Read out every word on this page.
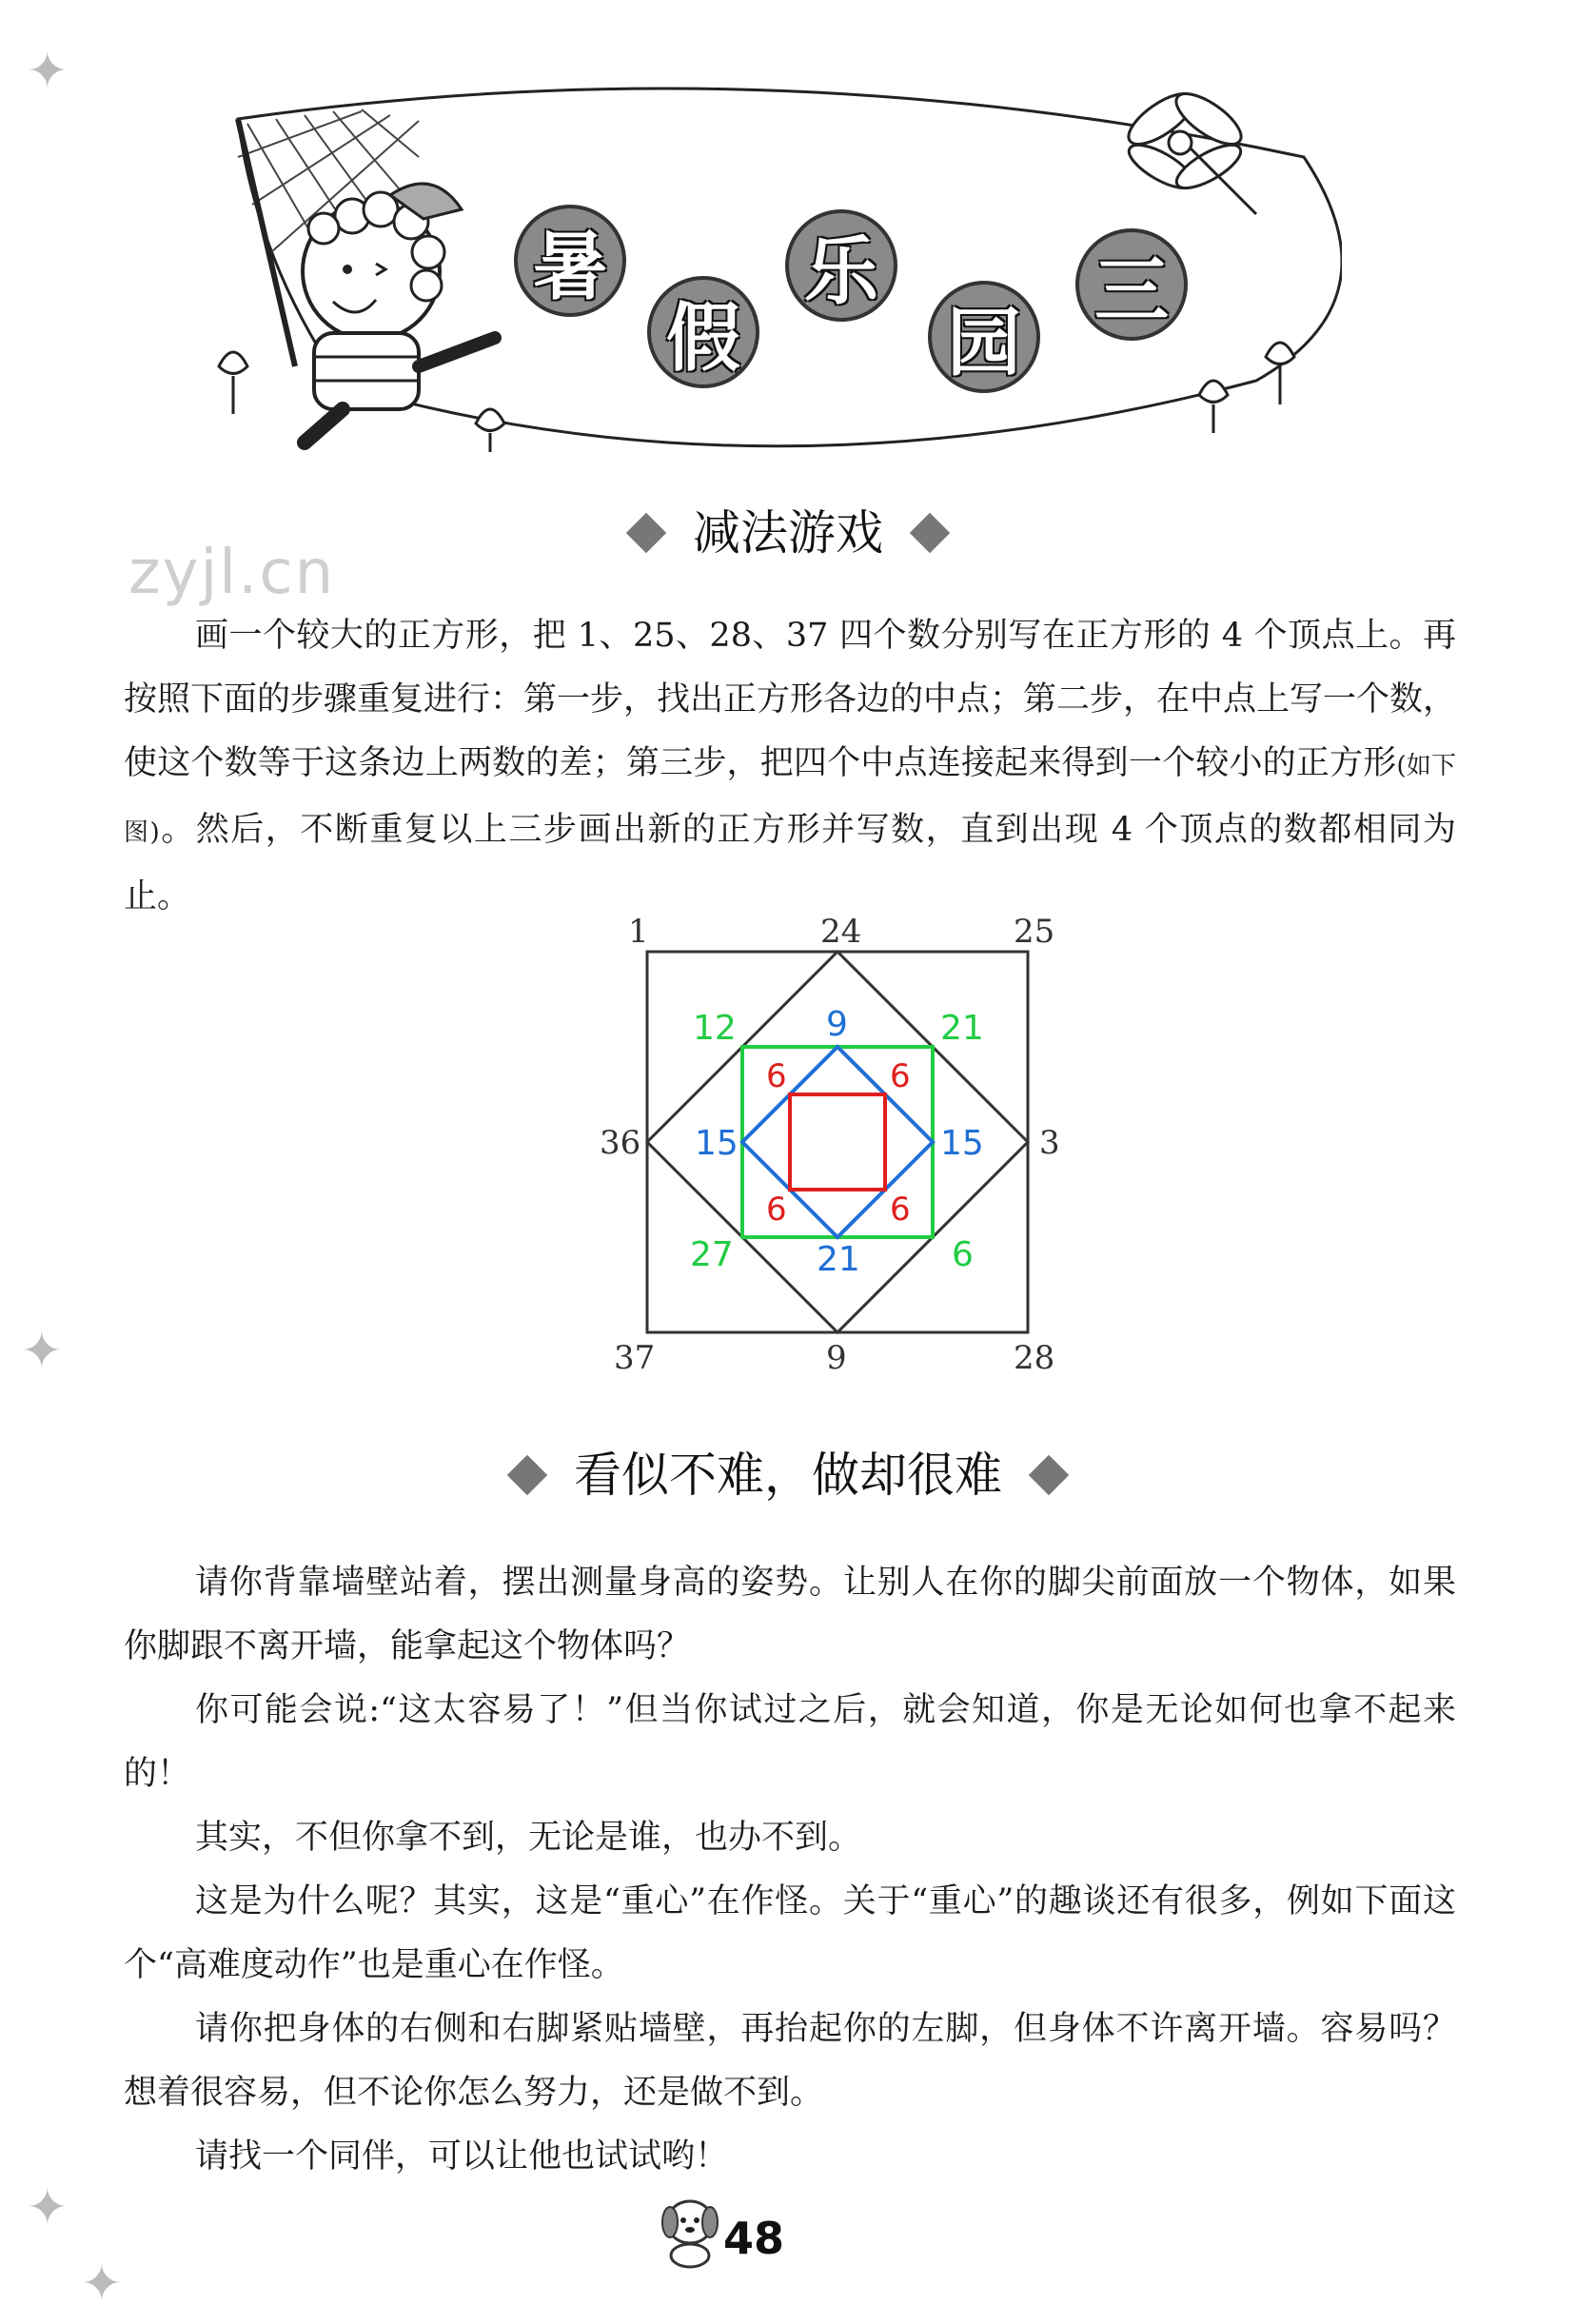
✦
✦
✦
✦
暑
假
乐
园
三
减法游戏
zyjl.cn

画一个较大的正方形，把 1、25、28、37 四个数分别写在正方形的 4 个顶点上。再按照下面的步骤重复进行：第一步，找出正方形各边的中点；第二步，在中点上写一个数，使这个数等于这条边上两数的差；第三步，把四个中点连接起来得到一个较小的正方形(如下图)。然后，不断重复以上三步画出新的正方形并写数，直到出现 4 个顶点的数都相同为止。

1	24	25
36	3
37	9	28
12	21
27	6
9
15	15
21
6	6
6	6
看似不难，做却很难

请你背靠墙壁站着，摆出测量身高的姿势。让别人在你的脚尖前面放一个物体，如果你脚跟不离开墙，能拿起这个物体吗？

你可能会说:“这太容易了！”但当你试过之后，就会知道，你是无论如何也拿不起来的！

其实，不但你拿不到，无论是谁，也办不到。

这是为什么呢？其实，这是“重心”在作怪。关于“重心”的趣谈还有很多，例如下面这个“高难度动作”也是重心在作怪。

请你把身体的右侧和右脚紧贴墙壁，再抬起你的左脚，但身体不许离开墙。容易吗？想着很容易，但不论你怎么努力，还是做不到。

请找一个同伴，可以让他也试试哟！

48
